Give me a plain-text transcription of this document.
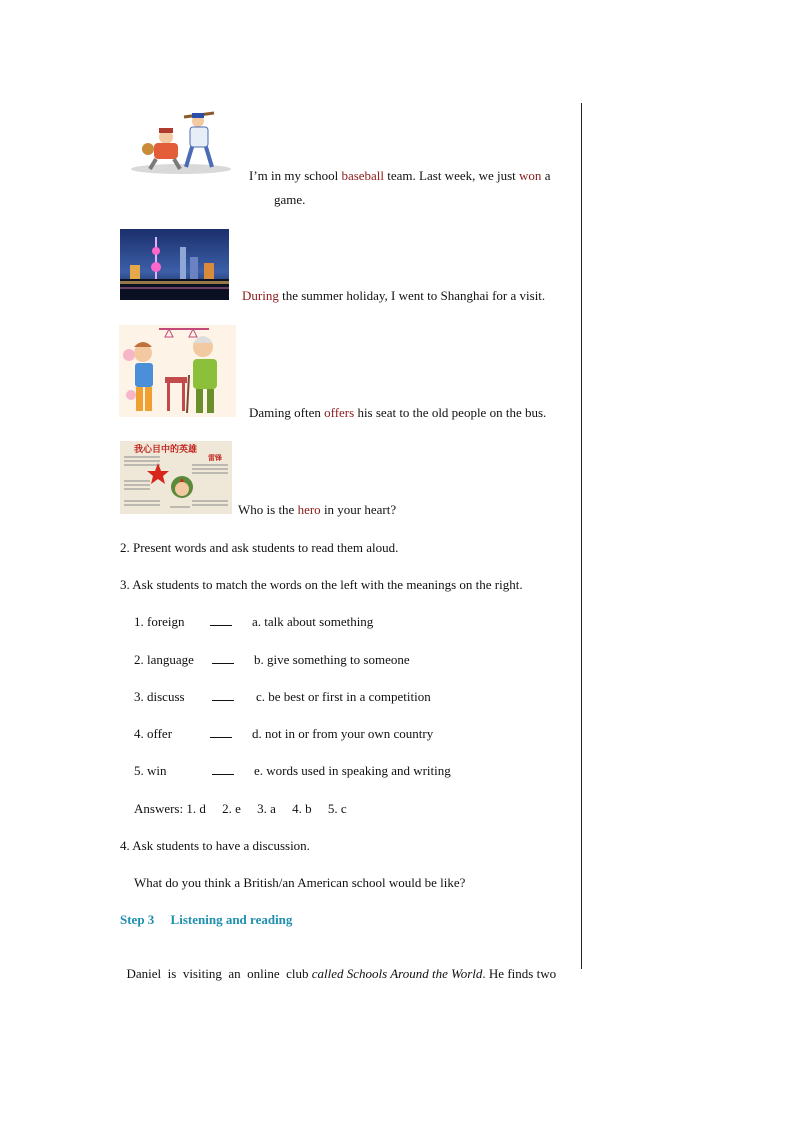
I’m in my school baseball team. Last week, we just won a
game.
During the summer holiday, I went to Shanghai for a visit.
Daming often offers his seat to the old people on the bus.
我心目中的英雄
雷锋
Who is the hero in your heart?
2. Present words and ask students to read them aloud.
3. Ask students to match the words on the left with the meanings on the right.
1. foreign	a. talk about something
2. language	b. give something to someone
3. discuss	c. be best or first in a competition
4. offer	d. not in or from your own country
5. win	e. words used in speaking and writing
Answers: 1. d     2. e     3. a     4. b     5. c
4. Ask students to have a discussion.
What do you think a British/an American school would be like?
Step 3     Listening and reading

Daniel  is  visiting  an  online  club called Schools Around the World. He finds two
